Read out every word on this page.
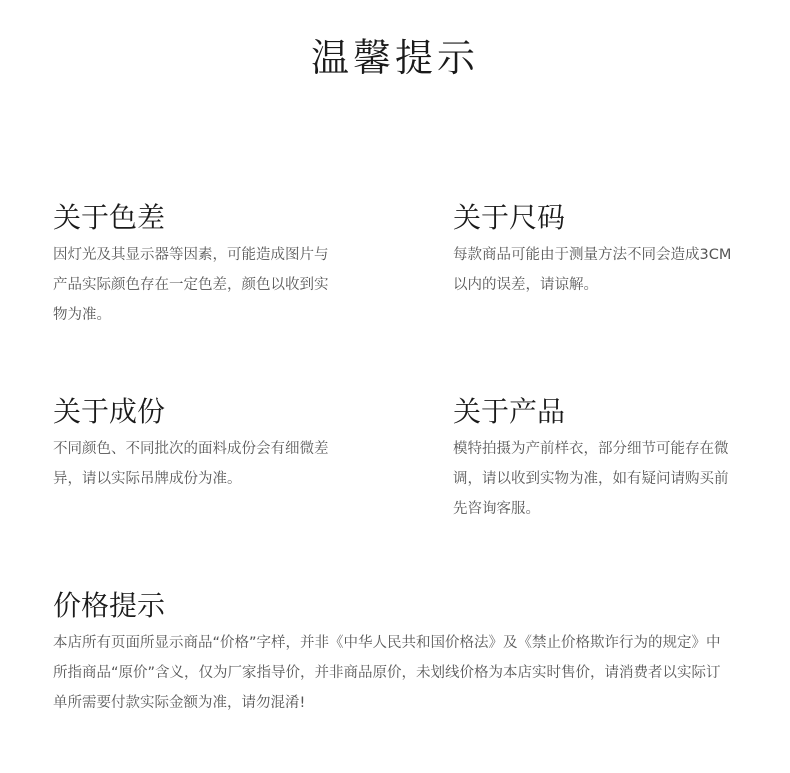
温馨提示
关于色差

因灯光及其显示器等因素，可能造成图片与产品实际颜色存在一定色差，颜色以收到实物为准。

关于尺码

每款商品可能由于测量方法不同会造成3CM 以内的误差，请谅解。

关于成份

不同颜色、不同批次的面料成份会有细微差异，请以实际吊牌成份为准。

关于产品

模特拍摄为产前样衣，部分细节可能存在微调，请以收到实物为准，如有疑问请购买前先咨询客服。

价格提示

本店所有页面所显示商品“价格”字样，并非《中华人民共和国价格法》及《禁止价格欺诈行为的规定》中所指商品“原价”含义，仅为厂家指导价，并非商品原价，未划线价格为本店实时售价，请消费者以实际订单所需要付款实际金额为准，请勿混淆!
